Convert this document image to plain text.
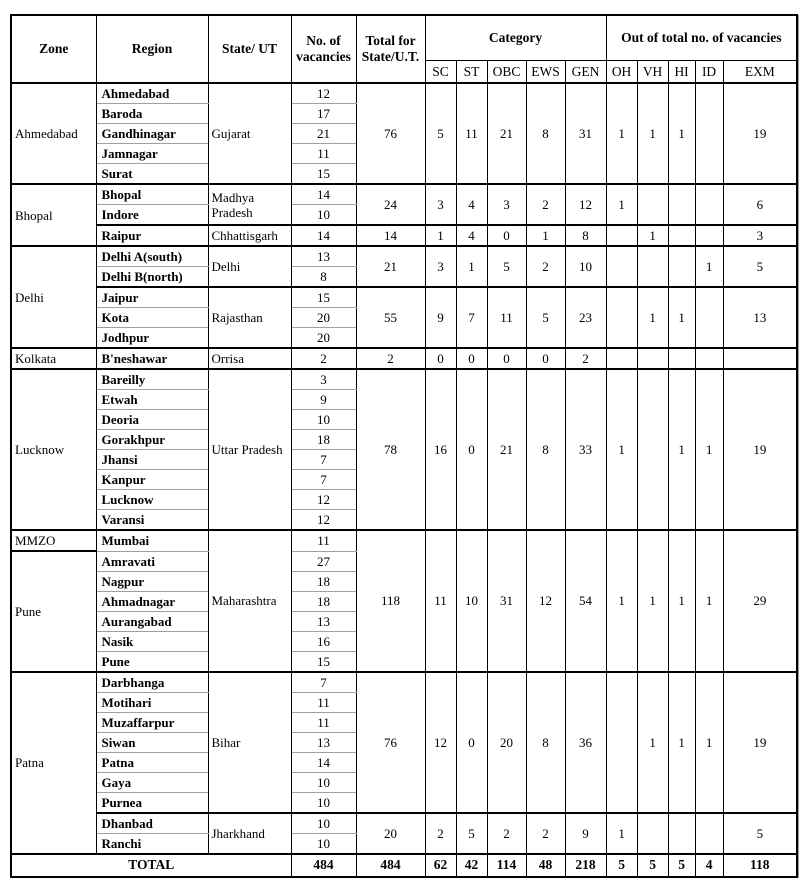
Zone	Region	State/ UT	No. of vacancies	Total for State/U.T.	Category					Out of total no. of vacancies				
					SC	ST	OBC	EWS	GEN	OH	VH	HI	ID	EXM
Ahmedabad	Ahmedabad	Gujarat	12	76	5	11	21	8	31	1	1	1		19
	Baroda		17											
	Gandhinagar		21											
	Jamnagar		11											
	Surat		15											
Bhopal	Bhopal	Madhya Pradesh	14	24	3	4	3	2	12	1				6
	Indore		10											
	Raipur	Chhattisgarh	14	14	1	4	0	1	8		1			3
Delhi	Delhi A(south)	Delhi	13	21	3	1	5	2	10				1	5
	Delhi B(north)		8											
	Jaipur	Rajasthan	15	55	9	7	11	5	23		1	1		13
	Kota		20											
	Jodhpur		20											
Kolkata	B'neshawar	Orrisa	2	2	0	0	0	0	2					
Lucknow	Bareilly	Uttar Pradesh	3	78	16	0	21	8	33	1		1	1	19
	Etwah		9											
	Deoria		10											
	Gorakhpur		18											
	Jhansi		7											
	Kanpur		7											
	Lucknow		12											
	Varansi		12											
MMZO	Mumbai	Maharashtra	11	118	11	10	31	12	54	1	1	1	1	29
Pune	Amravati		27											
	Nagpur		18											
	Ahmadnagar		18											
	Aurangabad		13											
	Nasik		16											
	Pune		15											
Patna	Darbhanga	Bihar	7	76	12	0	20	8	36		1	1	1	19
	Motihari		11											
	Muzaffarpur		11											
	Siwan		13											
	Patna		14											
	Gaya		10											
	Purnea		10											
	Dhanbad	Jharkhand	10	20	2	5	2	2	9	1				5
	Ranchi		10											
TOTAL			484	484	62	42	114	48	218	5	5	5	4	118
